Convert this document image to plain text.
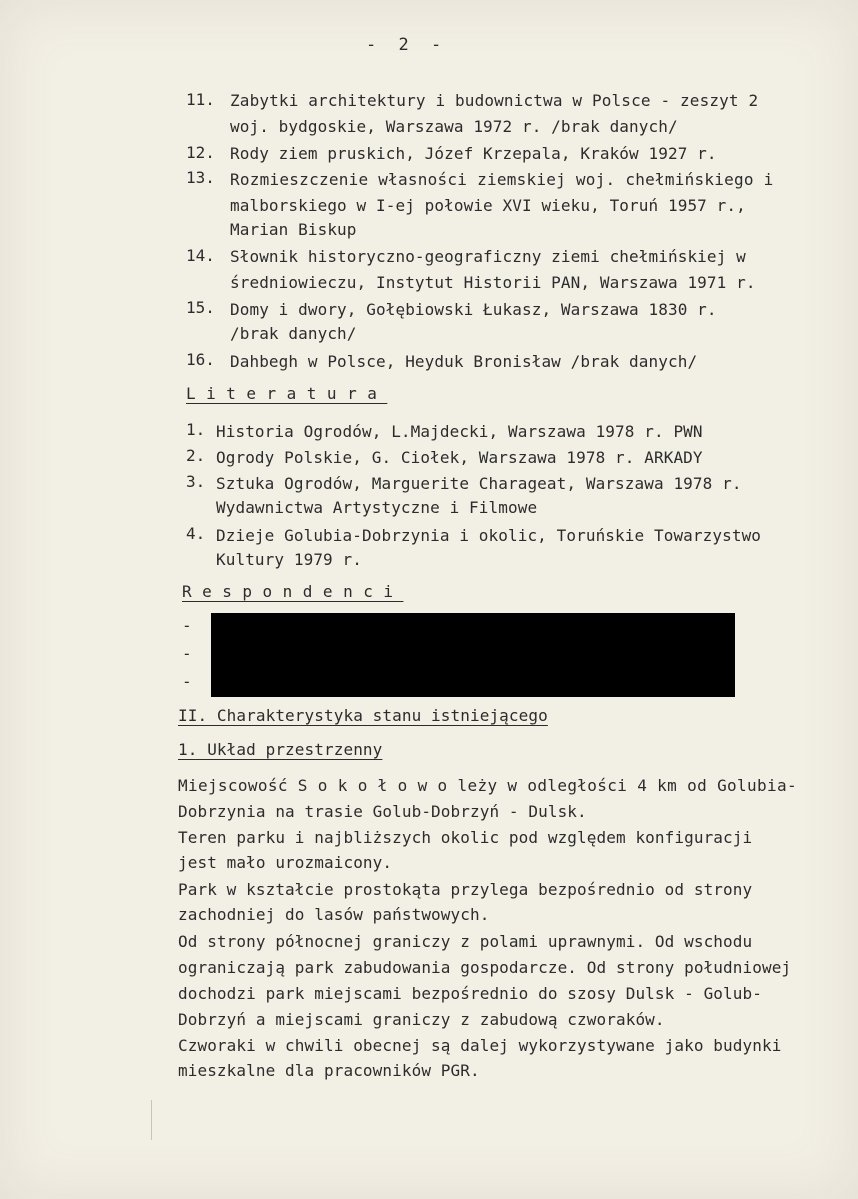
- 2 -
11. Zabytki architektury i budownictwa w Polsce - zeszyt 2
woj. bydgoskie, Warszawa 1972 r. /brak danych/
12. Rody ziem pruskich, Józef Krzepala, Kraków 1927 r.
13. Rozmieszczenie własności ziemskiej woj. chełmińskiego i
malborskiego w I-ej połowie XVI wieku, Toruń 1957 r.,
Marian Biskup
14. Słownik historyczno-geograficzny ziemi chełmińskiej w
średniowieczu, Instytut Historii PAN, Warszawa 1971 r.
15. Domy i dwory, Gołębiowski Łukasz, Warszawa 1830 r.
/brak danych/
16. Dahbegh w Polsce, Heyduk Bronisław /brak danych/
Literatura
1. Historia Ogrodów, L.Majdecki, Warszawa 1978 r. PWN
2. Ogrody Polskie, G. Ciołek, Warszawa 1978 r. ARKADY
3. Sztuka Ogrodów, Marguerite Charageat, Warszawa 1978 r.
Wydawnictwa Artystyczne i Filmowe
4. Dzieje Golubia-Dobrzynia i okolic, Toruńskie Towarzystwo
Kultury 1979 r.
Respondenci
-
-
-
II. Charakterystyka stanu istniejącego
1. Układ przestrzenny
Miejscowość S o k o ł o w o leży w odległości 4 km od Golubia-
Dobrzynia na trasie Golub-Dobrzyń - Dulsk.
Teren parku i najbliższych okolic pod względem konfiguracji
jest mało urozmaicony.
Park w kształcie prostokąta przylega bezpośrednio od strony
zachodniej do lasów państwowych.
Od strony północnej graniczy z polami uprawnymi. Od wschodu
ograniczają park zabudowania gospodarcze. Od strony południowej
dochodzi park miejscami bezpośrednio do szosy Dulsk - Golub-
Dobrzyń a miejscami graniczy z zabudową czworaków.
Czworaki w chwili obecnej są dalej wykorzystywane jako budynki
mieszkalne dla pracowników PGR.
